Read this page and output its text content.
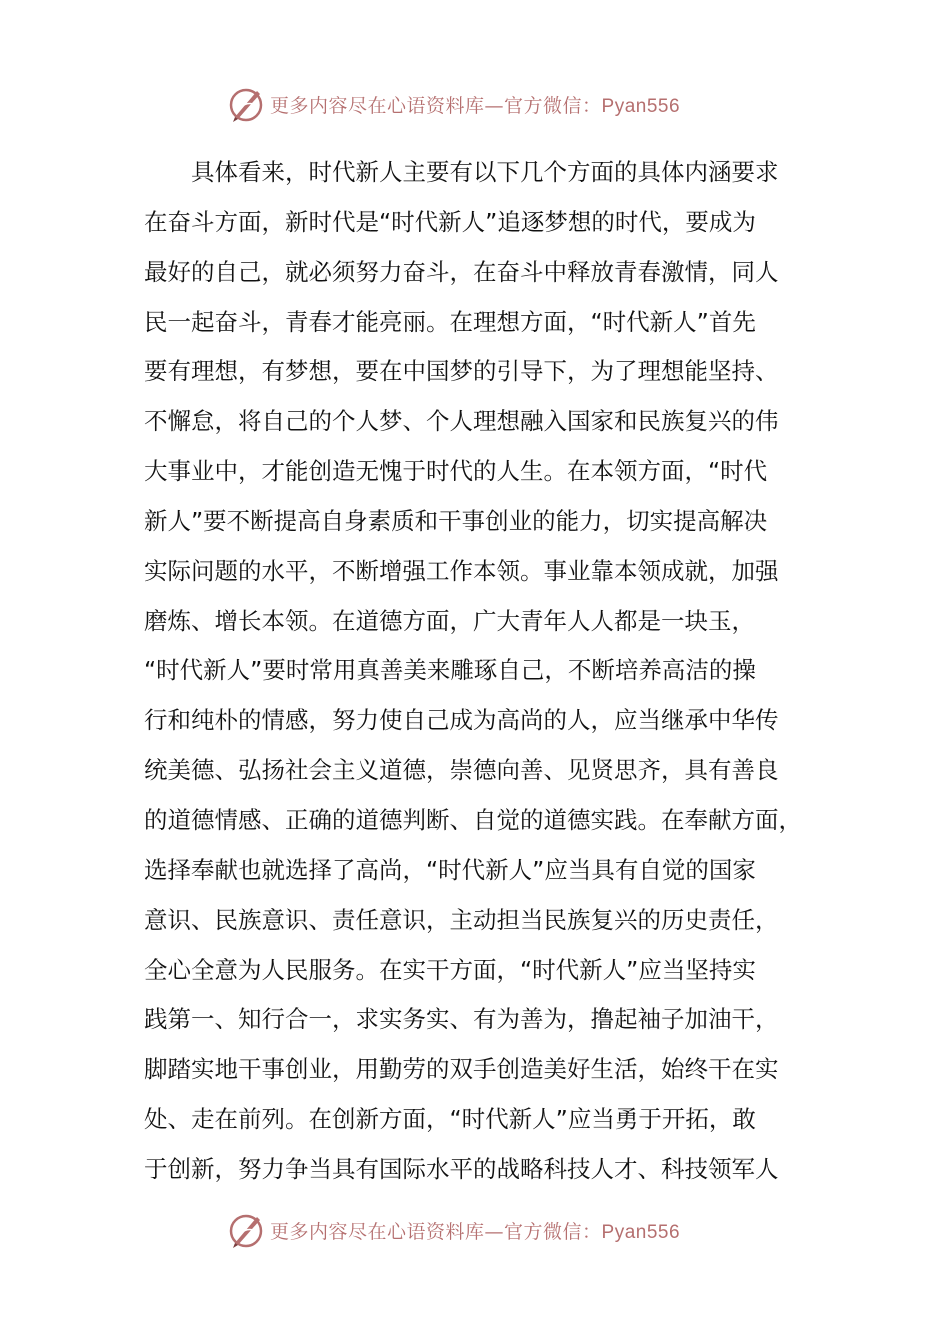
更多内容尽在心语资料库—官方微信：Pyan556
具体看来，时代新人主要有以下几个方面的具体内涵要求
在奋斗方面，新时代是“时代新人”追逐梦想的时代，要成为
最好的自己，就必须努力奋斗，在奋斗中释放青春激情，同人
民一起奋斗，青春才能亮丽。在理想方面，“时代新人”首先
要有理想，有梦想，要在中国梦的引导下，为了理想能坚持、
不懈怠，将自己的个人梦、个人理想融入国家和民族复兴的伟
大事业中，才能创造无愧于时代的人生。在本领方面，“时代
新人”要不断提高自身素质和干事创业的能力，切实提高解决
实际问题的水平，不断增强工作本领。事业靠本领成就，加强
磨炼、增长本领。在道德方面，广大青年人人都是一块玉，
“时代新人”要时常用真善美来雕琢自己，不断培养高洁的操
行和纯朴的情感，努力使自己成为高尚的人，应当继承中华传
统美德、弘扬社会主义道德，崇德向善、见贤思齐，具有善良
的道德情感、正确的道德判断、自觉的道德实践。在奉献方面，
选择奉献也就选择了高尚，“时代新人”应当具有自觉的国家
意识、民族意识、责任意识，主动担当民族复兴的历史责任，
全心全意为人民服务。在实干方面，“时代新人”应当坚持实
践第一、知行合一，求实务实、有为善为，撸起袖子加油干，
脚踏实地干事创业，用勤劳的双手创造美好生活，始终干在实
处、走在前列。在创新方面，“时代新人”应当勇于开拓，敢
于创新，努力争当具有国际水平的战略科技人才、科技领军人
更多内容尽在心语资料库—官方微信：Pyan556
